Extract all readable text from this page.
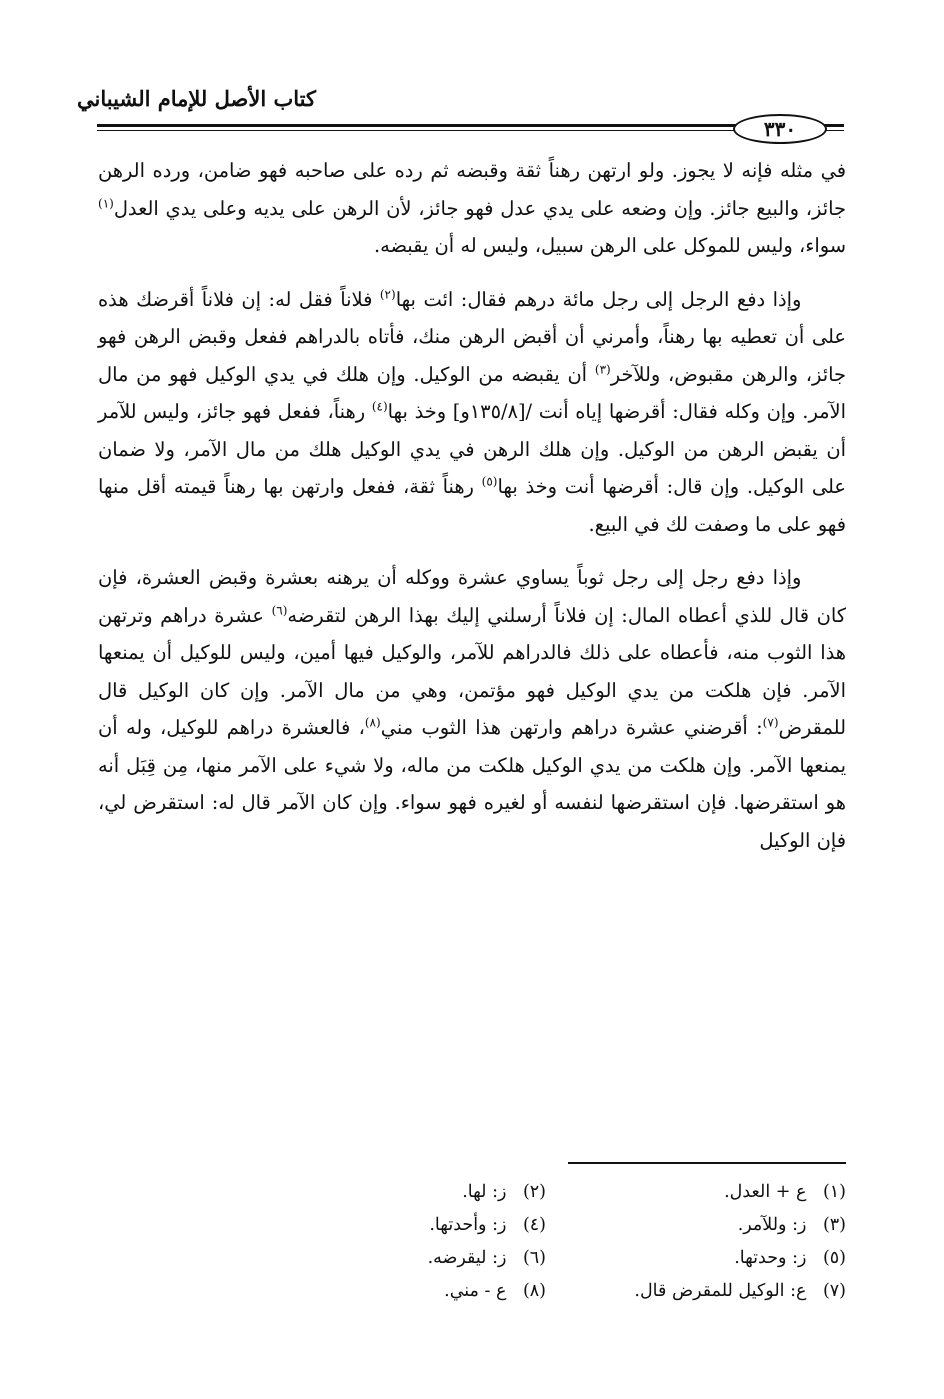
كتاب الأصل للإمام الشيباني
٣٣٠

في مثله فإنه لا يجوز. ولو ارتهن رهناً ثقة وقبضه ثم رده على صاحبه فهو ضامن، ورده الرهن جائز، والبيع جائز. وإن وضعه على يدي عدل فهو جائز، لأن الرهن على يديه وعلى يدي العدل$^{(١)}$ سواء، وليس للموكل على الرهن سبيل، وليس له أن يقبضه.

وإذا دفع الرجل إلى رجل مائة درهم فقال: ائت بها$^{(٢)}$ فلاناً فقل له: إن فلاناً أقرضك هذه على أن تعطيه بها رهناً، وأمرني أن أقبض الرهن منك، فأتاه بالدراهم ففعل وقبض الرهن فهو جائز، والرهن مقبوض، وللآخر$^{(٣)}$ أن يقبضه من الوكيل. وإن هلك في يدي الوكيل فهو من مال الآمر. وإن وكله فقال: أقرضها إياه أنت /[١٣٥/٨و] وخذ بها$^{(٤)}$ رهناً، ففعل فهو جائز، وليس للآمر أن يقبض الرهن من الوكيل. وإن هلك الرهن في يدي الوكيل هلك من مال الآمر، ولا ضمان على الوكيل. وإن قال: أقرضها أنت وخذ بها$^{(٥)}$ رهناً ثقة، ففعل وارتهن بها رهناً قيمته أقل منها فهو على ما وصفت لك في البيع.

وإذا دفع رجل إلى رجل ثوباً يساوي عشرة ووكله أن يرهنه بعشرة وقبض العشرة، فإن كان قال للذي أعطاه المال: إن فلاناً أرسلني إليك بهذا الرهن لتقرضه$^{(٦)}$ عشرة دراهم وترتهن هذا الثوب منه، فأعطاه على ذلك فالدراهم للآمر، والوكيل فيها أمين، وليس للوكيل أن يمنعها الآمر. فإن هلكت من يدي الوكيل فهو مؤتمن، وهي من مال الآمر. وإن كان الوكيل قال للمقرض$^{(٧)}$: أقرضني عشرة دراهم وارتهن هذا الثوب مني$^{(٨)}$، فالعشرة دراهم للوكيل، وله أن يمنعها الآمر. وإن هلكت من يدي الوكيل هلكت من ماله، ولا شيء على الآمر منها، مِن قِبَل أنه هو استقرضها. فإن استقرضها لنفسه أو لغيره فهو سواء. وإن كان الآمر قال له: استقرض لي، فإن الوكيل

(١) ع + العدل.
(٢) ز: لها.
(٣) ز: وللآمر.
(٤) ز: وأحدتها.
(٥) ز: وحدتها.
(٦) ز: ليقرضه.
(٧) ع: الوكيل للمقرض قال.
(٨) ع - مني.
